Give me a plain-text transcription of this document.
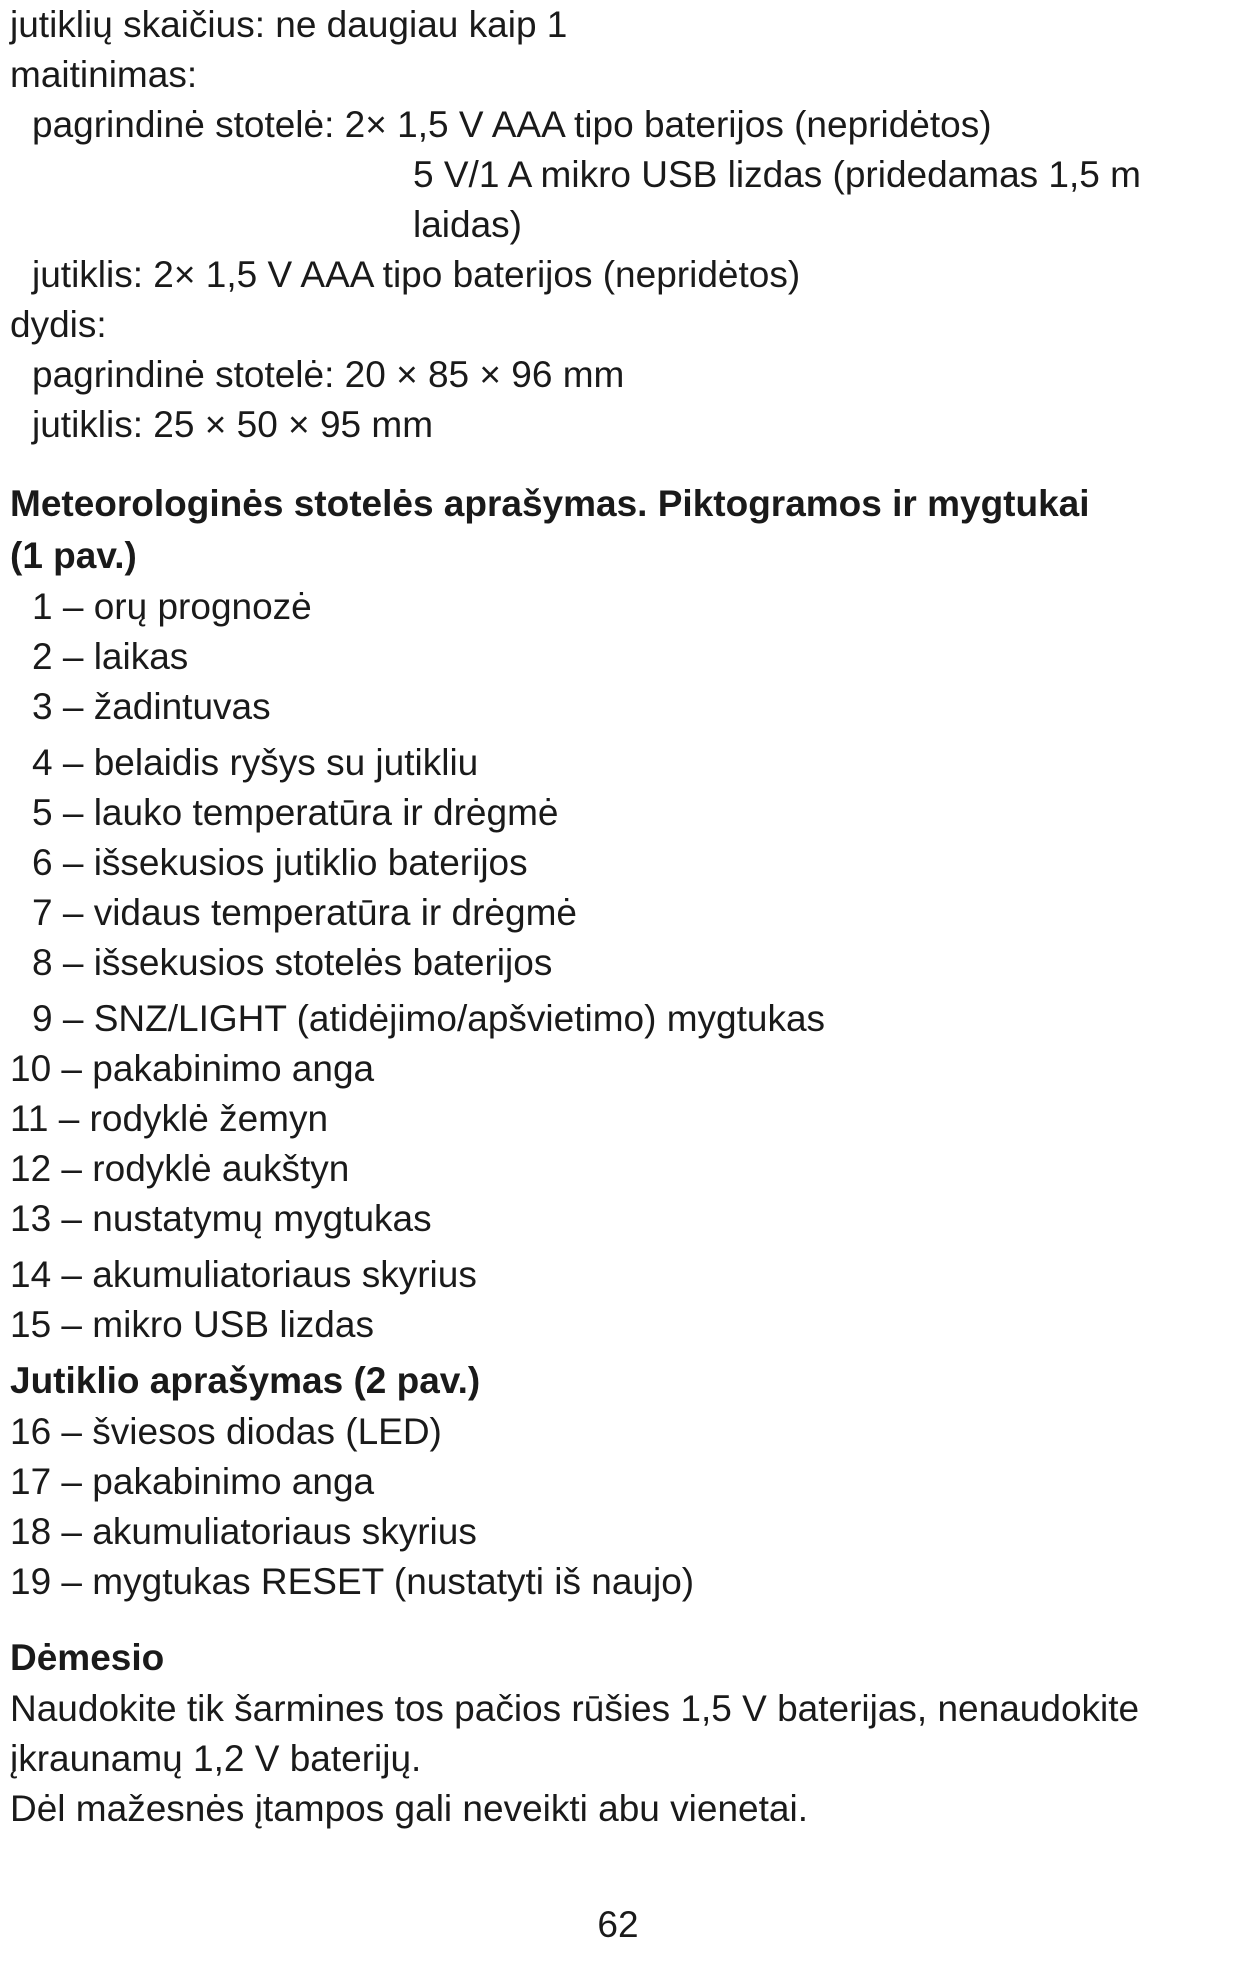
jutiklių skaičius: ne daugiau kaip 1
maitinimas:
pagrindinė stotelė: 2× 1,5 V AAA tipo baterijos (nepridėtos)
5 V/1 A mikro USB lizdas (pridedamas 1,5 m
laidas)
jutiklis: 2× 1,5 V AAA tipo baterijos (nepridėtos)
dydis:
pagrindinė stotelė: 20 × 85 × 96 mm
jutiklis: 25 × 50 × 95 mm
Meteorologinės stotelės aprašymas. Piktogramos ir mygtukai
(1 pav.)
1 – orų prognozė
2 – laikas
3 – žadintuvas
4 – belaidis ryšys su jutikliu
5 – lauko temperatūra ir drėgmė
6 – išsekusios jutiklio baterijos
7 – vidaus temperatūra ir drėgmė
8 – išsekusios stotelės baterijos
9 – SNZ/LIGHT (atidėjimo/apšvietimo) mygtukas
10 – pakabinimo anga
11 – rodyklė žemyn
12 – rodyklė aukštyn
13 – nustatymų mygtukas
14 – akumuliatoriaus skyrius
15 – mikro USB lizdas
Jutiklio aprašymas (2 pav.)
16 – šviesos diodas (LED)
17 – pakabinimo anga
18 – akumuliatoriaus skyrius
19 – mygtukas RESET (nustatyti iš naujo)
Dėmesio
Naudokite tik šarmines tos pačios rūšies 1,5 V baterijas, nenaudokite
įkraunamų 1,2 V baterijų.
Dėl mažesnės įtampos gali neveikti abu vienetai.
62
